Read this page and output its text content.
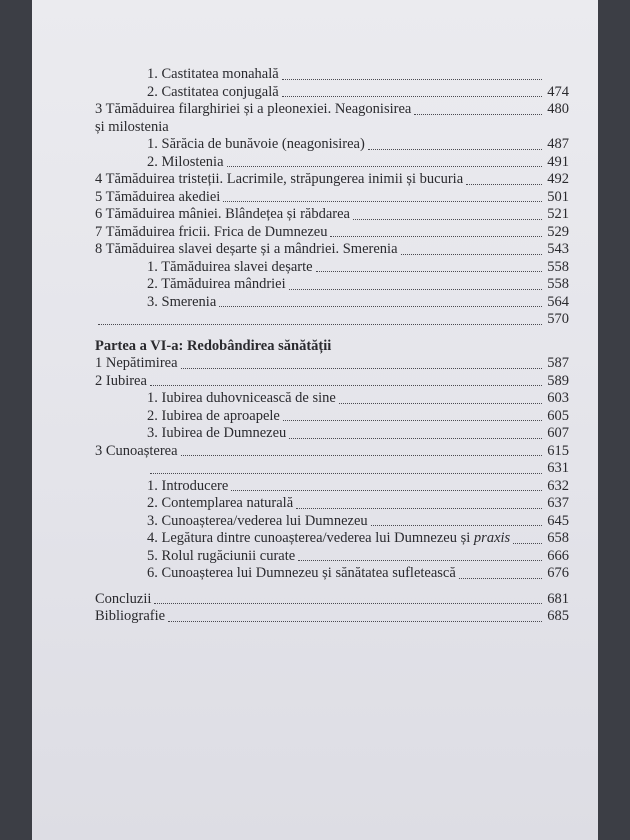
1. Castitatea monahală
2. Castitatea conjugală	474
3 Tămăduirea filarghiriei și a pleonexiei. Neagonisirea	480
și milostenia
1. Sărăcia de bunăvoie (neagonisirea)	487
2. Milostenia	491
4 Tămăduirea tristeții. Lacrimile, străpungerea inimii și bucuria	492
5 Tămăduirea akediei	501
6 Tămăduirea mâniei. Blândețea și răbdarea	521
7 Tămăduirea fricii. Frica de Dumnezeu	529
8 Tămăduirea slavei deșarte și a mândriei. Smerenia	543
1. Tămăduirea slavei deșarte	558
2. Tămăduirea mândriei	558
3. Smerenia	564
570
Partea a VI-a: Redobândirea sănătății
1 Nepătimirea	587
2 Iubirea	589
1. Iubirea duhovnicească de sine	603
2. Iubirea de aproapele	605
3. Iubirea de Dumnezeu	607
3 Cunoașterea	615
631
1. Introducere	632
2. Contemplarea naturală	637
3. Cunoașterea/vederea lui Dumnezeu	645
4. Legătura dintre cunoașterea/vederea lui Dumnezeu și praxis	658
5. Rolul rugăciunii curate	666
6. Cunoașterea lui Dumnezeu și sănătatea sufletească	676
Concluzii	681
Bibliografie	685
